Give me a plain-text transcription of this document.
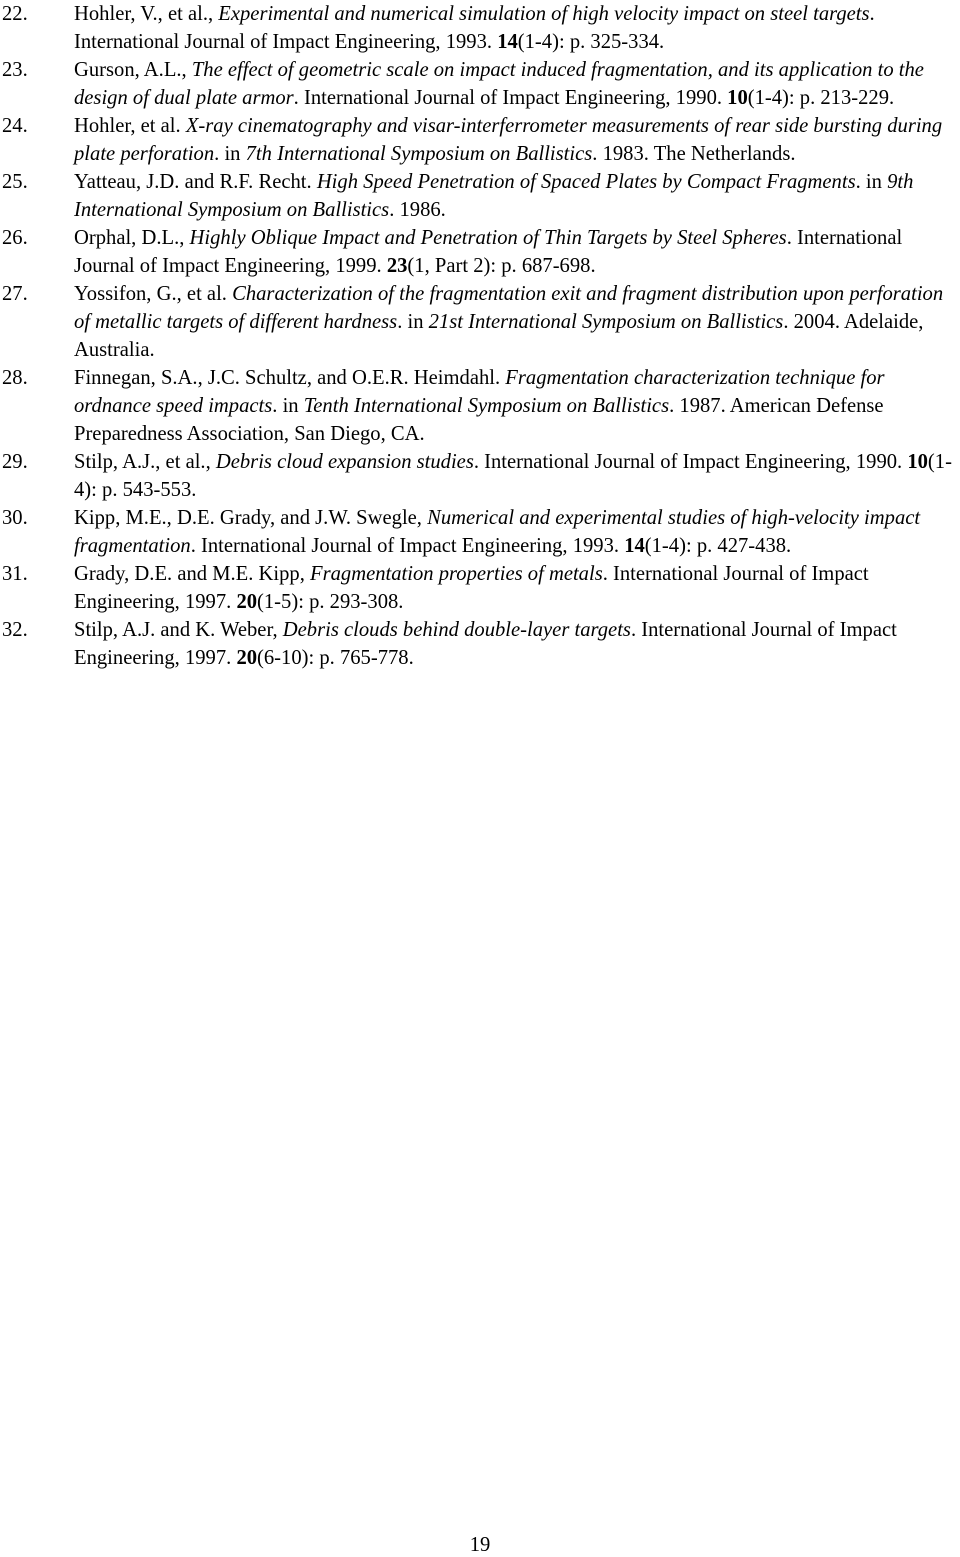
22. Hohler, V., et al., Experimental and numerical simulation of high velocity impact on steel targets. International Journal of Impact Engineering, 1993. 14(1-4): p. 325-334.

23. Gurson, A.L., The effect of geometric scale on impact induced fragmentation, and its application to the design of dual plate armor. International Journal of Impact Engineering, 1990. 10(1-4): p. 213-229.

24. Hohler, et al. X-ray cinematography and visar-interferrometer measurements of rear side bursting during plate perforation. in 7th International Symposium on Ballistics. 1983. The Netherlands.

25. Yatteau, J.D. and R.F. Recht. High Speed Penetration of Spaced Plates by Compact Fragments. in 9th International Symposium on Ballistics. 1986.

26. Orphal, D.L., Highly Oblique Impact and Penetration of Thin Targets by Steel Spheres. International Journal of Impact Engineering, 1999. 23(1, Part 2): p. 687-698.

27. Yossifon, G., et al. Characterization of the fragmentation exit and fragment distribution upon perforation of metallic targets of different hardness. in 21st International Symposium on Ballistics. 2004. Adelaide, Australia.

28. Finnegan, S.A., J.C. Schultz, and O.E.R. Heimdahl. Fragmentation characterization technique for ordnance speed impacts. in Tenth International Symposium on Ballistics. 1987. American Defense Preparedness Association, San Diego, CA.

29. Stilp, A.J., et al., Debris cloud expansion studies. International Journal of Impact Engineering, 1990. 10(1-4): p. 543-553.

30. Kipp, M.E., D.E. Grady, and J.W. Swegle, Numerical and experimental studies of high-velocity impact fragmentation. International Journal of Impact Engineering, 1993. 14(1-4): p. 427-438.

31. Grady, D.E. and M.E. Kipp, Fragmentation properties of metals. International Journal of Impact Engineering, 1997. 20(1-5): p. 293-308.

32. Stilp, A.J. and K. Weber, Debris clouds behind double-layer targets. International Journal of Impact Engineering, 1997. 20(6-10): p. 765-778.

19
